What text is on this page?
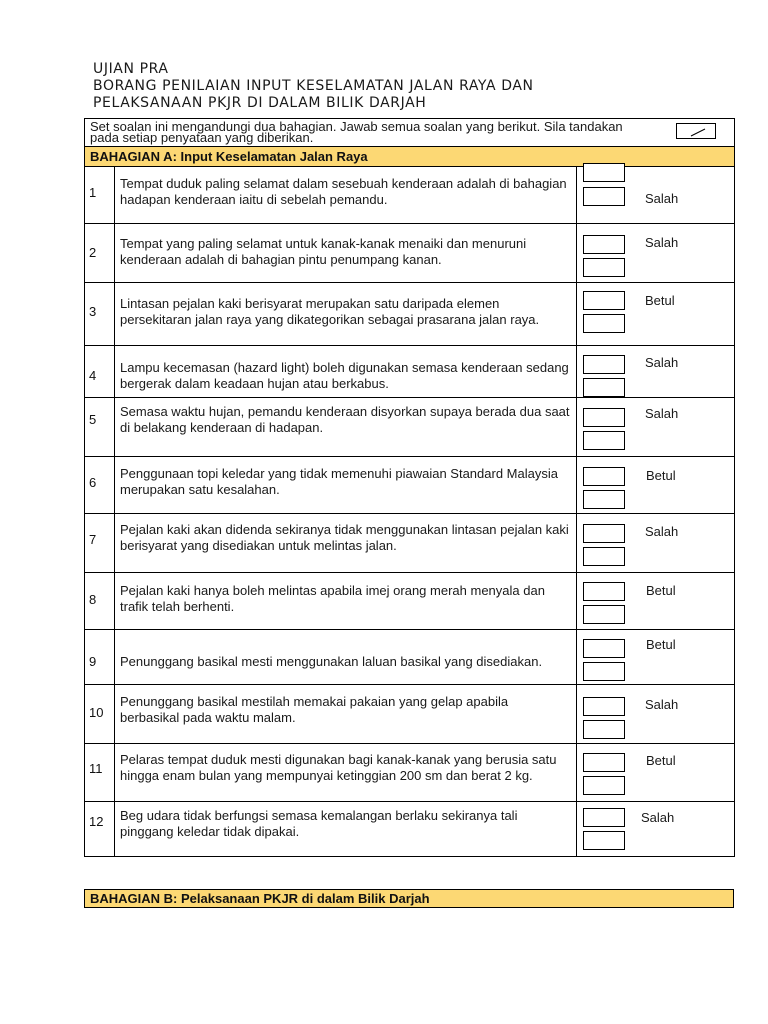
UJIAN PRA
BORANG PENILAIAN INPUT KESELAMATAN JALAN RAYA DAN
PELAKSANAAN PKJR DI DALAM BILIK DARJAH
Set soalan ini mengandungi dua bahagian. Jawab semua soalan yang berikut. Sila tandakan
pada setiap penyataan yang diberikan.		

BAHAGIAN A: Input Keselamatan Jalan Raya		

1	Tempat duduk paling selamat dalam sesebuah kenderaan adalah di bahagian hadapan kenderaan iaitu di sebelah pemandu.	Salah

2	Tempat yang paling selamat untuk kanak-kanak menaiki dan menuruni kenderaan adalah di bahagian pintu penumpang kanan.	Salah

3	Lintasan pejalan kaki berisyarat merupakan satu daripada elemen persekitaran jalan raya yang dikategorikan sebagai prasarana jalan raya.	Betul

4	Lampu kecemasan (hazard light) boleh digunakan semasa kenderaan sedang bergerak dalam keadaan hujan atau berkabus.	Salah

5	Semasa waktu hujan, pemandu kenderaan disyorkan supaya berada dua saat di belakang kenderaan di hadapan.	Salah

6	Penggunaan topi keledar yang tidak memenuhi piawaian Standard Malaysia merupakan satu kesalahan.	Betul

7	Pejalan kaki akan didenda sekiranya tidak menggunakan lintasan pejalan kaki berisyarat yang disediakan untuk melintas jalan.	Salah

8	Pejalan kaki hanya boleh melintas apabila imej orang merah menyala dan trafik telah berhenti.	Betul

9	Penunggang basikal mesti menggunakan laluan basikal yang disediakan.	Betul

10	Penunggang basikal mestilah memakai pakaian yang gelap apabila berbasikal pada waktu malam.	Salah

11	Pelaras tempat duduk mesti digunakan bagi kanak-kanak yang berusia satu hingga enam bulan yang mempunyai ketinggian 200 sm dan berat 2 kg.	Betul

12	Beg udara tidak berfungsi semasa kemalangan berlaku sekiranya tali pinggang keledar tidak dipakai.	Salah
BAHAGIAN B: Pelaksanaan PKJR di dalam Bilik Darjah
